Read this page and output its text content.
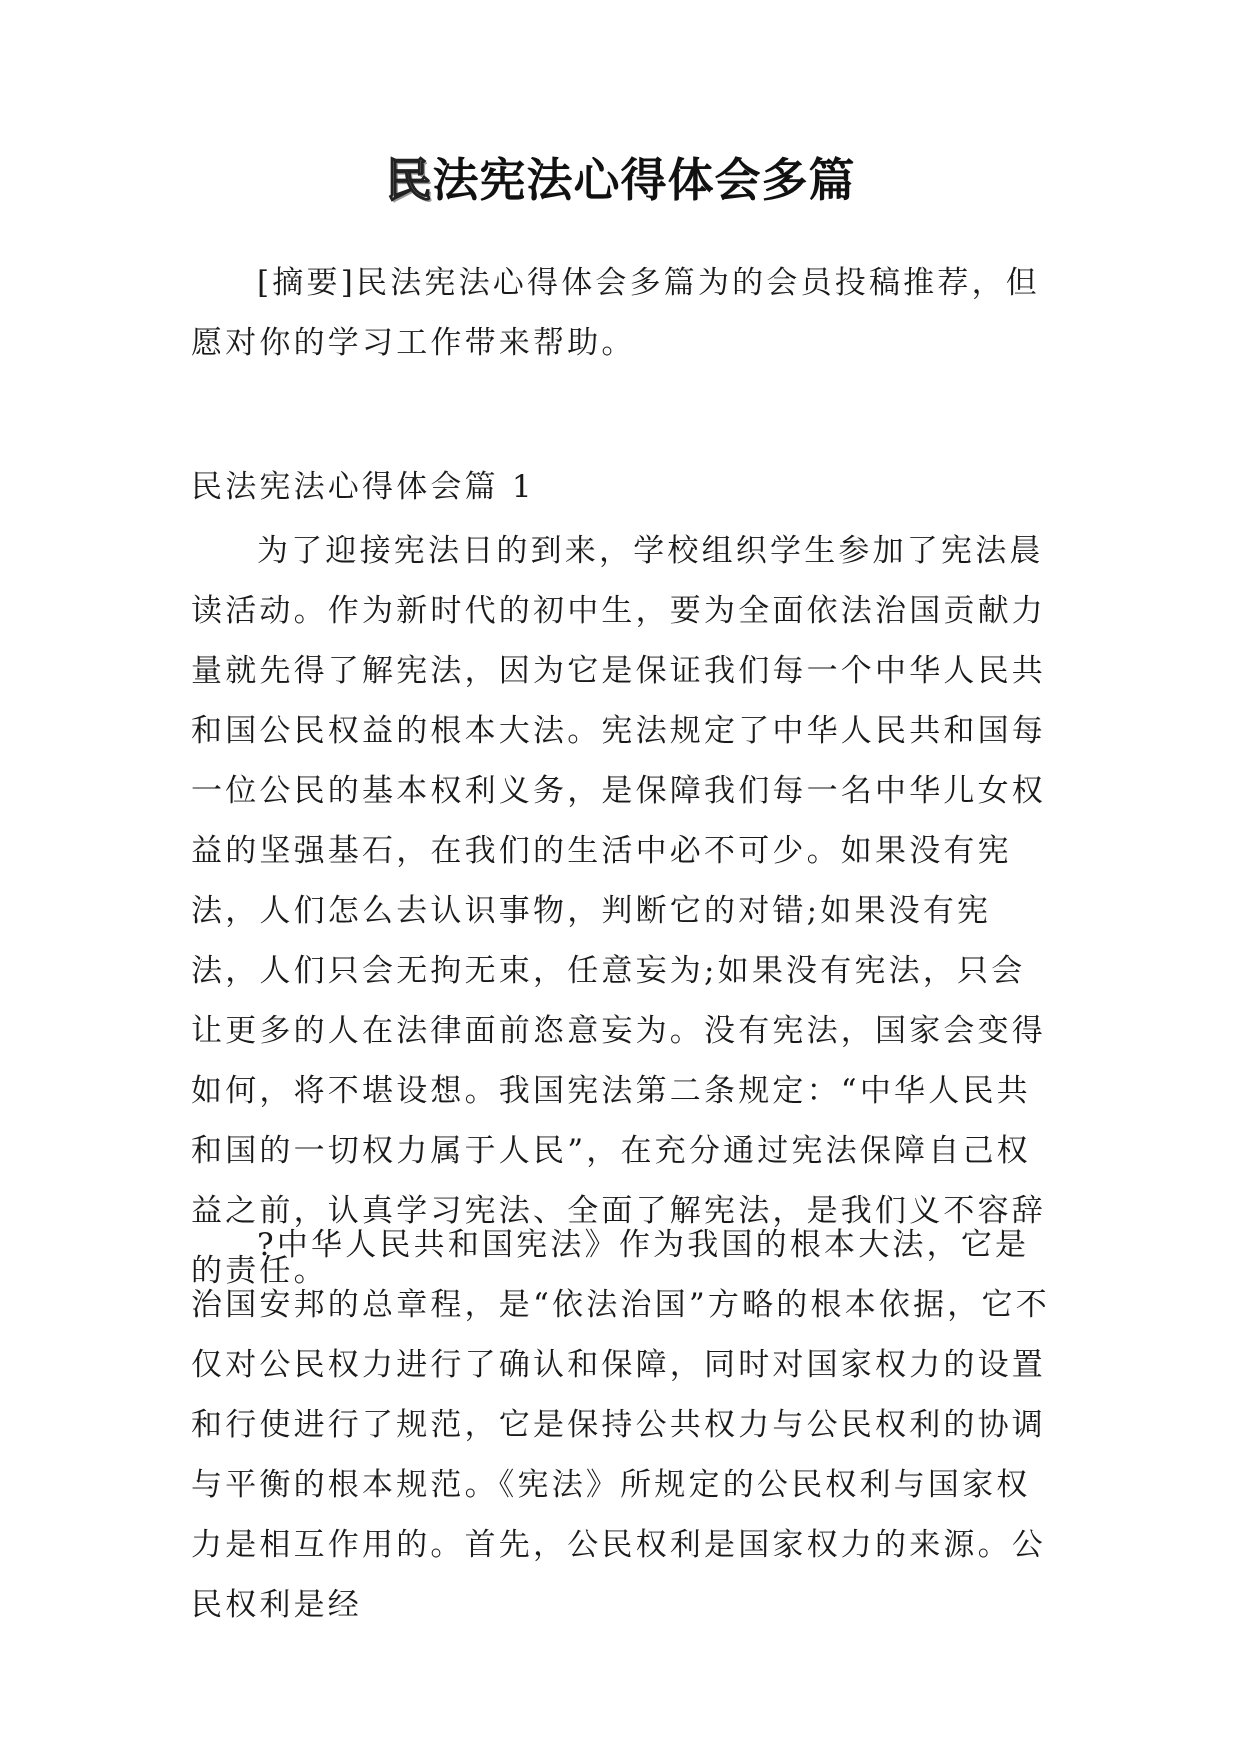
民法宪法心得体会多篇

[摘要]民法宪法心得体会多篇为的会员投稿推荐，但愿对你的学习工作带来帮助。

民法宪法心得体会篇 1

为了迎接宪法日的到来，学校组织学生参加了宪法晨读活动。作为新时代的初中生，要为全面依法治国贡献力量就先得了解宪法，因为它是保证我们每一个中华人民共和国公民权益的根本大法。宪法规定了中华人民共和国每一位公民的基本权利义务，是保障我们每一名中华儿女权益的坚强基石，在我们的生活中必不可少。如果没有宪法，人们怎么去认识事物，判断它的对错;如果没有宪法，人们只会无拘无束，任意妄为;如果没有宪法，只会让更多的人在法律面前恣意妄为。没有宪法，国家会变得如何，将不堪设想。我国宪法第二条规定：“中华人民共和国的一切权力属于人民”，在充分通过宪法保障自己权益之前，认真学习宪法、全面了解宪法，是我们义不容辞的责任。

?中华人民共和国宪法》作为我国的根本大法，它是治国安邦的总章程，是“依法治国”方略的根本依据，它不仅对公民权力进行了确认和保障，同时对国家权力的设置和行使进行了规范，它是保持公共权力与公民权利的协调与平衡的根本规范。《宪法》所规定的公民权利与国家权力是相互作用的。首先，公民权利是国家权力的来源。公民权利是经
